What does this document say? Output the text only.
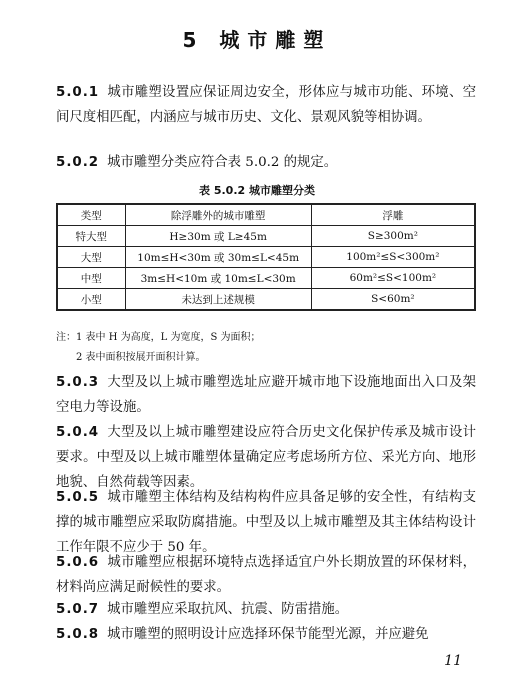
5 城市雕塑

5.0.1 城市雕塑设置应保证周边安全，形体应与城市功能、环境、空间尺度相匹配，内涵应与城市历史、文化、景观风貌等相协调。

5.0.2 城市雕塑分类应符合表 5.0.2 的规定。

表 5.0.2 城市雕塑分类
类型	除浮雕外的城市雕塑	浮雕
特大型	H≥30m 或 L≥45m	S≥300m²
大型	10m≤H<30m 或 30m≤L<45m	100m²≤S<300m²
中型	3m≤H<10m 或 10m≤L<30m	60m²≤S<100m²
小型	未达到上述规模	S<60m²
注：1 表中 H 为高度，L 为宽度，S 为面积；
2 表中面积按展开面积计算。

5.0.3 大型及以上城市雕塑选址应避开城市地下设施地面出入口及架空电力等设施。

5.0.4 大型及以上城市雕塑建设应符合历史文化保护传承及城市设计要求。中型及以上城市雕塑体量确定应考虑场所方位、采光方向、地形地貌、自然荷载等因素。

5.0.5 城市雕塑主体结构及结构构件应具备足够的安全性，有结构支撑的城市雕塑应采取防腐措施。中型及以上城市雕塑及其主体结构设计工作年限不应少于 50 年。

5.0.6 城市雕塑应根据环境特点选择适宜户外长期放置的环保材料，材料尚应满足耐候性的要求。

5.0.7 城市雕塑应采取抗风、抗震、防雷措施。

5.0.8 城市雕塑的照明设计应选择环保节能型光源，并应避免

11
